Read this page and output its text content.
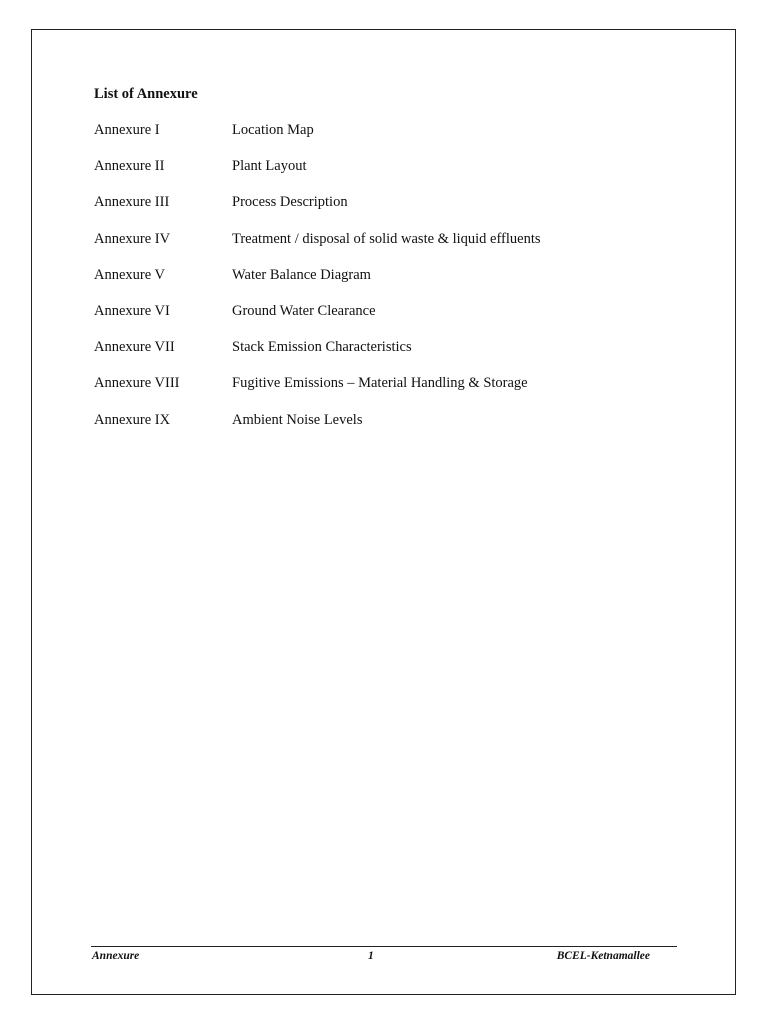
List of Annexure
Annexure I	Location Map
Annexure II	Plant Layout
Annexure III	Process Description
Annexure IV	Treatment / disposal of solid waste & liquid effluents
Annexure V	Water Balance Diagram
Annexure VI	Ground Water Clearance
Annexure VII	Stack Emission Characteristics
Annexure VIII	Fugitive Emissions – Material Handling & Storage
Annexure IX	Ambient Noise Levels
Annexure	1	BCEL-Ketnamallee
